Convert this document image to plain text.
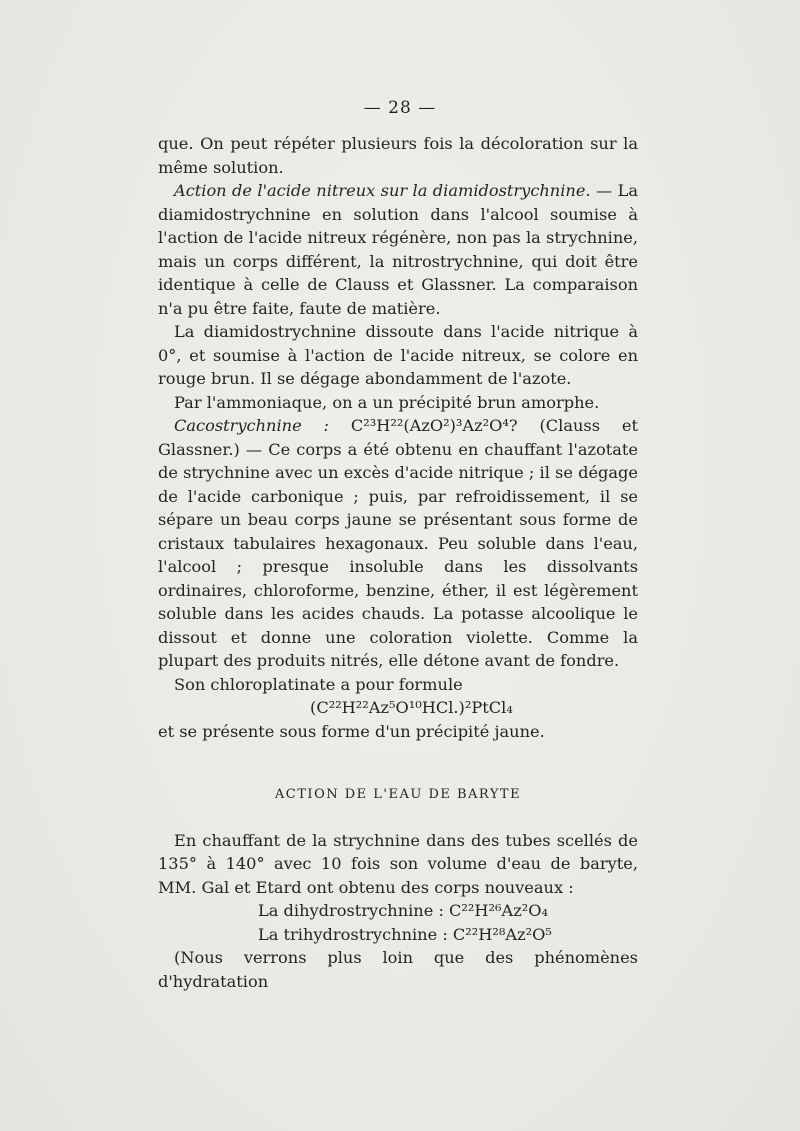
— 28 —

que. On peut répéter plusieurs fois la décoloration sur la même solution.

Action de l'acide nitreux sur la diamidostrychnine. — La diamidostrychnine en solution dans l'alcool soumise à l'action de l'acide nitreux régénère, non pas la strychnine, mais un corps différent, la nitrostrychnine, qui doit être identique à celle de Clauss et Glassner. La comparaison n'a pu être faite, faute de matière.

La diamidostrychnine dissoute dans l'acide nitrique à 0°, et soumise à l'action de l'acide nitreux, se colore en rouge brun. Il se dégage abondamment de l'azote.

Par l'ammoniaque, on a un précipité brun amorphe.

Cacostrychnine : C²³H²²(AzO²)³Az²O⁴? (Clauss et Glassner.) — Ce corps a été obtenu en chauffant l'azotate de strychnine avec un excès d'acide nitrique ; il se dégage de l'acide carbonique ; puis, par refroidissement, il se sépare un beau corps jaune se présentant sous forme de cristaux tabulaires hexagonaux. Peu soluble dans l'eau, l'alcool ; presque insoluble dans les dissolvants ordinaires, chloroforme, benzine, éther, il est légèrement soluble dans les acides chauds. La potasse alcoolique le dissout et donne une coloration violette. Comme la plupart des produits nitrés, elle détone avant de fondre.

Son chloroplatinate a pour formule

(C²²H²²Az⁵O¹⁰HCl.)²PtCl₄

et se présente sous forme d'un précipité jaune.

ACTION DE L'EAU DE BARYTE

En chauffant de la strychnine dans des tubes scellés de 135° à 140° avec 10 fois son volume d'eau de baryte, MM. Gal et Etard ont obtenu des corps nouveaux :

La dihydrostrychnine : C²²H²⁶Az²O₄

La trihydrostrychnine : C²²H²⁸Az²O⁵

(Nous verrons plus loin que des phénomènes d'hydratation
